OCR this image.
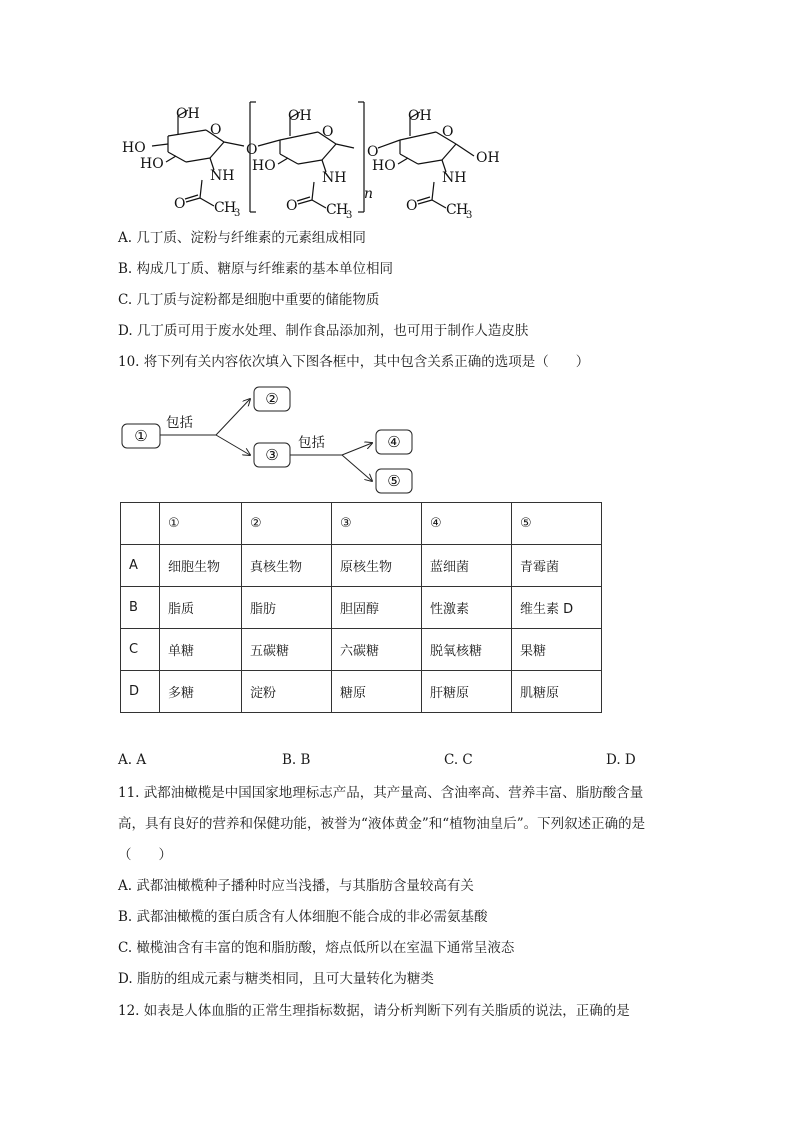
OH
HO
HO
O
NH
O C H
3
O
OH
HO
O
NH
O C H
3
n
O
OH
HO
O
OH
NH
O C H
3
A. 几丁质、淀粉与纤维素的元素组成相同
B. 构成几丁质、糖原与纤维素的基本单位相同
C. 几丁质与淀粉都是细胞中重要的储能物质
D. 几丁质可用于废水处理、制作食品添加剂，也可用于制作人造皮肤
10. 将下列有关内容依次填入下图各框中，其中包含关系正确的选项是（　　）
①
②
③
④
⑤
包括
包括
	①	②	③	④	⑤
A	细胞生物	真核生物	原核生物	蓝细菌	青霉菌
B	脂质	脂肪	胆固醇	性激素	维生素 D
C	单糖	五碳糖	六碳糖	脱氧核糖	果糖
D	多糖	淀粉	糖原	肝糖原	肌糖原
A. A	B. B	C. C	D. D
11. 武都油橄榄是中国国家地理标志产品，其产量高、含油率高、营养丰富、脂肪酸含量
高，具有良好的营养和保健功能，被誉为“液体黄金”和“植物油皇后”。下列叙述正确的是
（　　）
A. 武都油橄榄种子播种时应当浅播，与其脂肪含量较高有关
B. 武都油橄榄的蛋白质含有人体细胞不能合成的非必需氨基酸
C. 橄榄油含有丰富的饱和脂肪酸，熔点低所以在室温下通常呈液态
D. 脂肪的组成元素与糖类相同，且可大量转化为糖类
12. 如表是人体血脂的正常生理指标数据，请分析判断下列有关脂质的说法，正确的是
